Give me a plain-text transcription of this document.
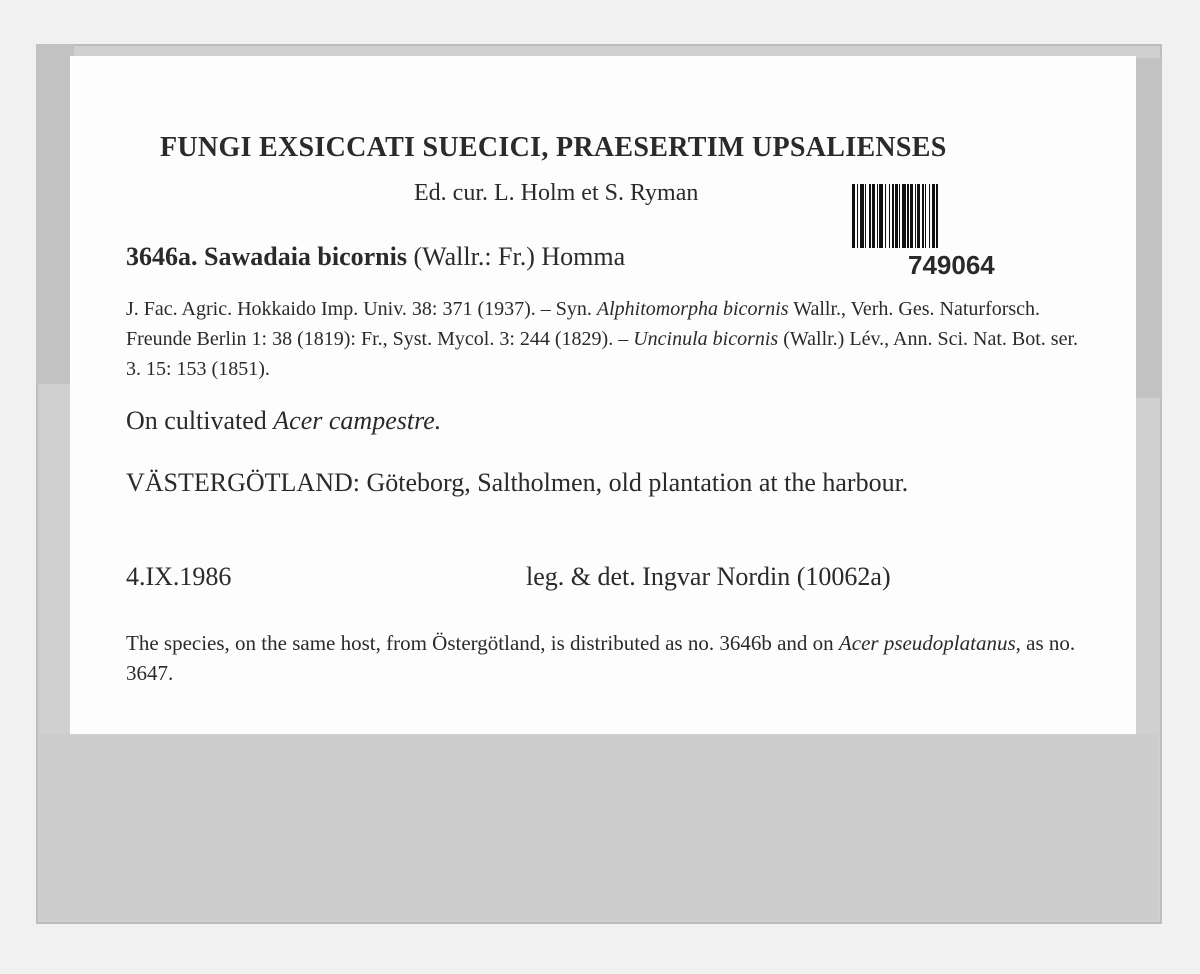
FUNGI EXSICCATI SUECICI, PRAESERTIM UPSALIENSES
Ed. cur. L. Holm et S. Ryman
749064
3646a. Sawadaia bicornis (Wallr.: Fr.) Homma
J. Fac. Agric. Hokkaido Imp. Univ. 38: 371 (1937). – Syn. Alphitomorpha bicornis Wallr., Verh. Ges. Naturforsch. Freunde Berlin 1: 38 (1819): Fr., Syst. Mycol. 3: 244 (1829). – Uncinula bicornis (Wallr.) Lév., Ann. Sci. Nat. Bot. ser. 3. 15: 153 (1851).
On cultivated Acer campestre.
VÄSTERGÖTLAND: Göteborg, Saltholmen, old plantation at the harbour.
4.IX.1986	leg. & det. Ingvar Nordin (10062a)
The species, on the same host, from Östergötland, is distributed as no. 3646b and on Acer pseudoplatanus, as no. 3647.
